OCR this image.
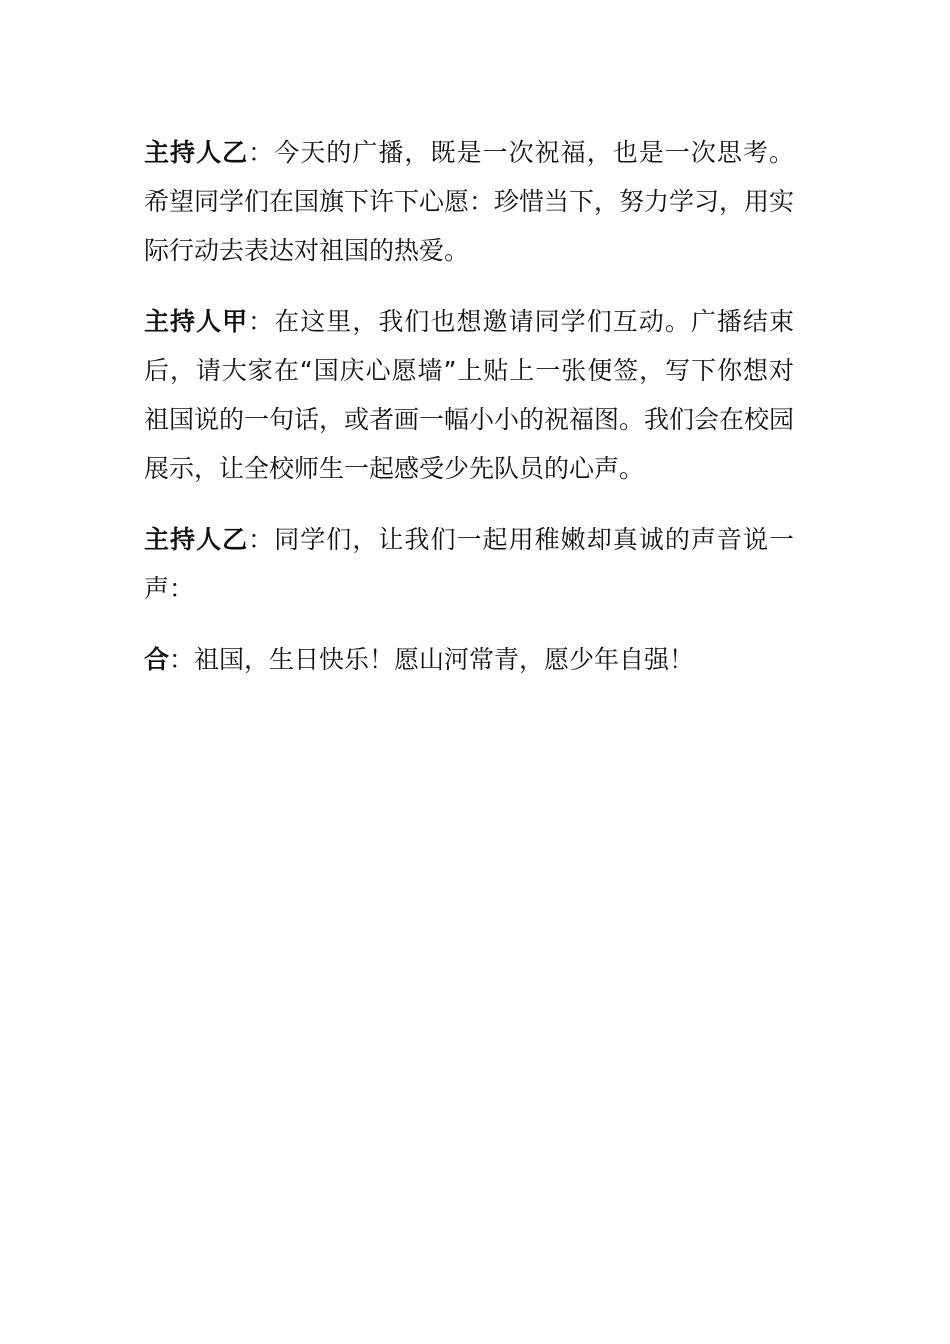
主持人乙：今天的广播，既是一次祝福，也是一次思考。希望同学们在国旗下许下心愿：珍惜当下，努力学习，用实际行动去表达对祖国的热爱。

主持人甲：在这里，我们也想邀请同学们互动。广播结束后，请大家在“国庆心愿墙”上贴上一张便签，写下你想对祖国说的一句话，或者画一幅小小的祝福图。我们会在校园展示，让全校师生一起感受少先队员的心声。

主持人乙：同学们，让我们一起用稚嫩却真诚的声音说一声：

合：祖国，生日快乐！愿山河常青，愿少年自强！
